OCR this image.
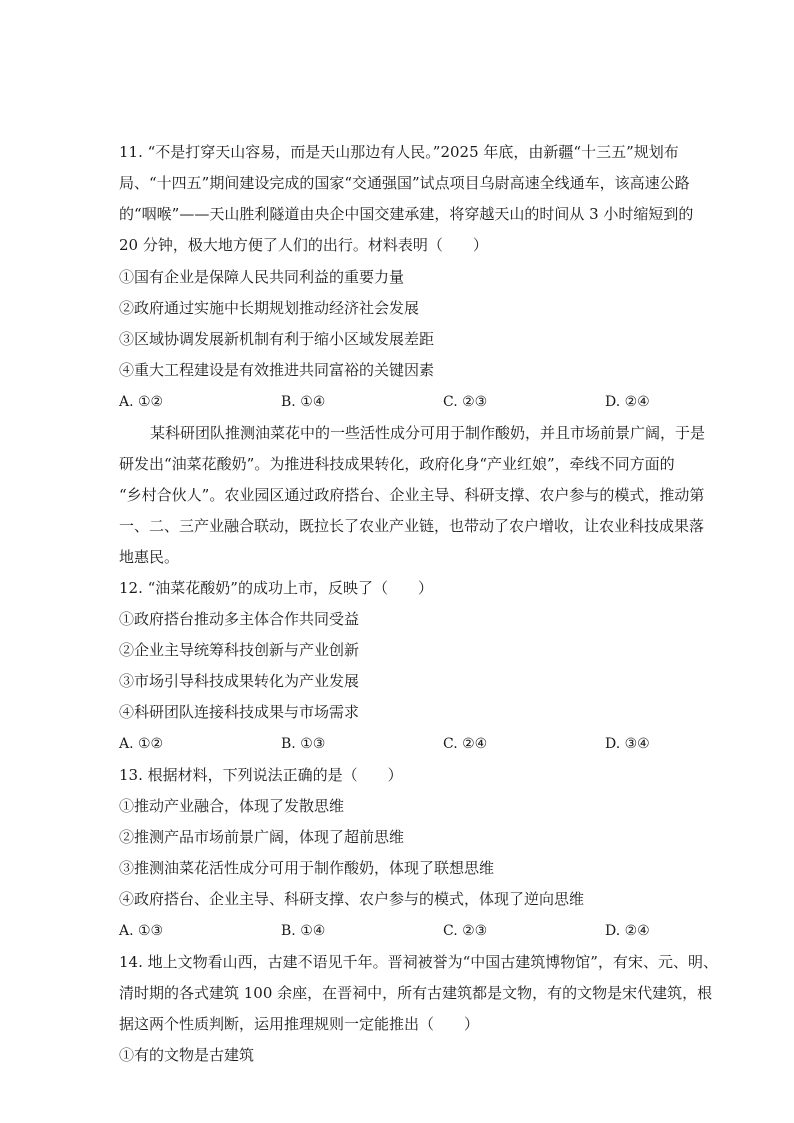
11. “不是打穿天山容易，而是天山那边有人民。”2025 年底，由新疆“十三五”规划布
局、“十四五”期间建设完成的国家“交通强国”试点项目乌尉高速全线通车，该高速公路
的“咽喉”——天山胜利隧道由央企中国交建承建，将穿越天山的时间从 3 小时缩短到的
20 分钟，极大地方便了人们的出行。材料表明（　　）
①国有企业是保障人民共同利益的重要力量
②政府通过实施中长期规划推动经济社会发展
③区域协调发展新机制有利于缩小区域发展差距
④重大工程建设是有效推进共同富裕的关键因素
A. ①②	B. ①④	C. ②③	D. ②④
某科研团队推测油菜花中的一些活性成分可用于制作酸奶，并且市场前景广阔，于是
研发出“油菜花酸奶”。为推进科技成果转化，政府化身“产业红娘”，牵线不同方面的
“乡村合伙人”。农业园区通过政府搭台、企业主导、科研支撑、农户参与的模式，推动第
一、二、三产业融合联动，既拉长了农业产业链，也带动了农户增收，让农业科技成果落
地惠民。
12. “油菜花酸奶”的成功上市，反映了（　　）
①政府搭台推动多主体合作共同受益
②企业主导统筹科技创新与产业创新
③市场引导科技成果转化为产业发展
④科研团队连接科技成果与市场需求
A. ①②	B. ①③	C. ②④	D. ③④
13. 根据材料，下列说法正确的是（　　）
①推动产业融合，体现了发散思维
②推测产品市场前景广阔，体现了超前思维
③推测油菜花活性成分可用于制作酸奶，体现了联想思维
④政府搭台、企业主导、科研支撑、农户参与的模式，体现了逆向思维
A. ①③	B. ①④	C. ②③	D. ②④
14. 地上文物看山西，古建不语见千年。晋祠被誉为“中国古建筑博物馆”，有宋、元、明、
清时期的各式建筑 100 余座，在晋祠中，所有古建筑都是文物，有的文物是宋代建筑，根
据这两个性质判断，运用推理规则一定能推出（　　）
①有的文物是古建筑
